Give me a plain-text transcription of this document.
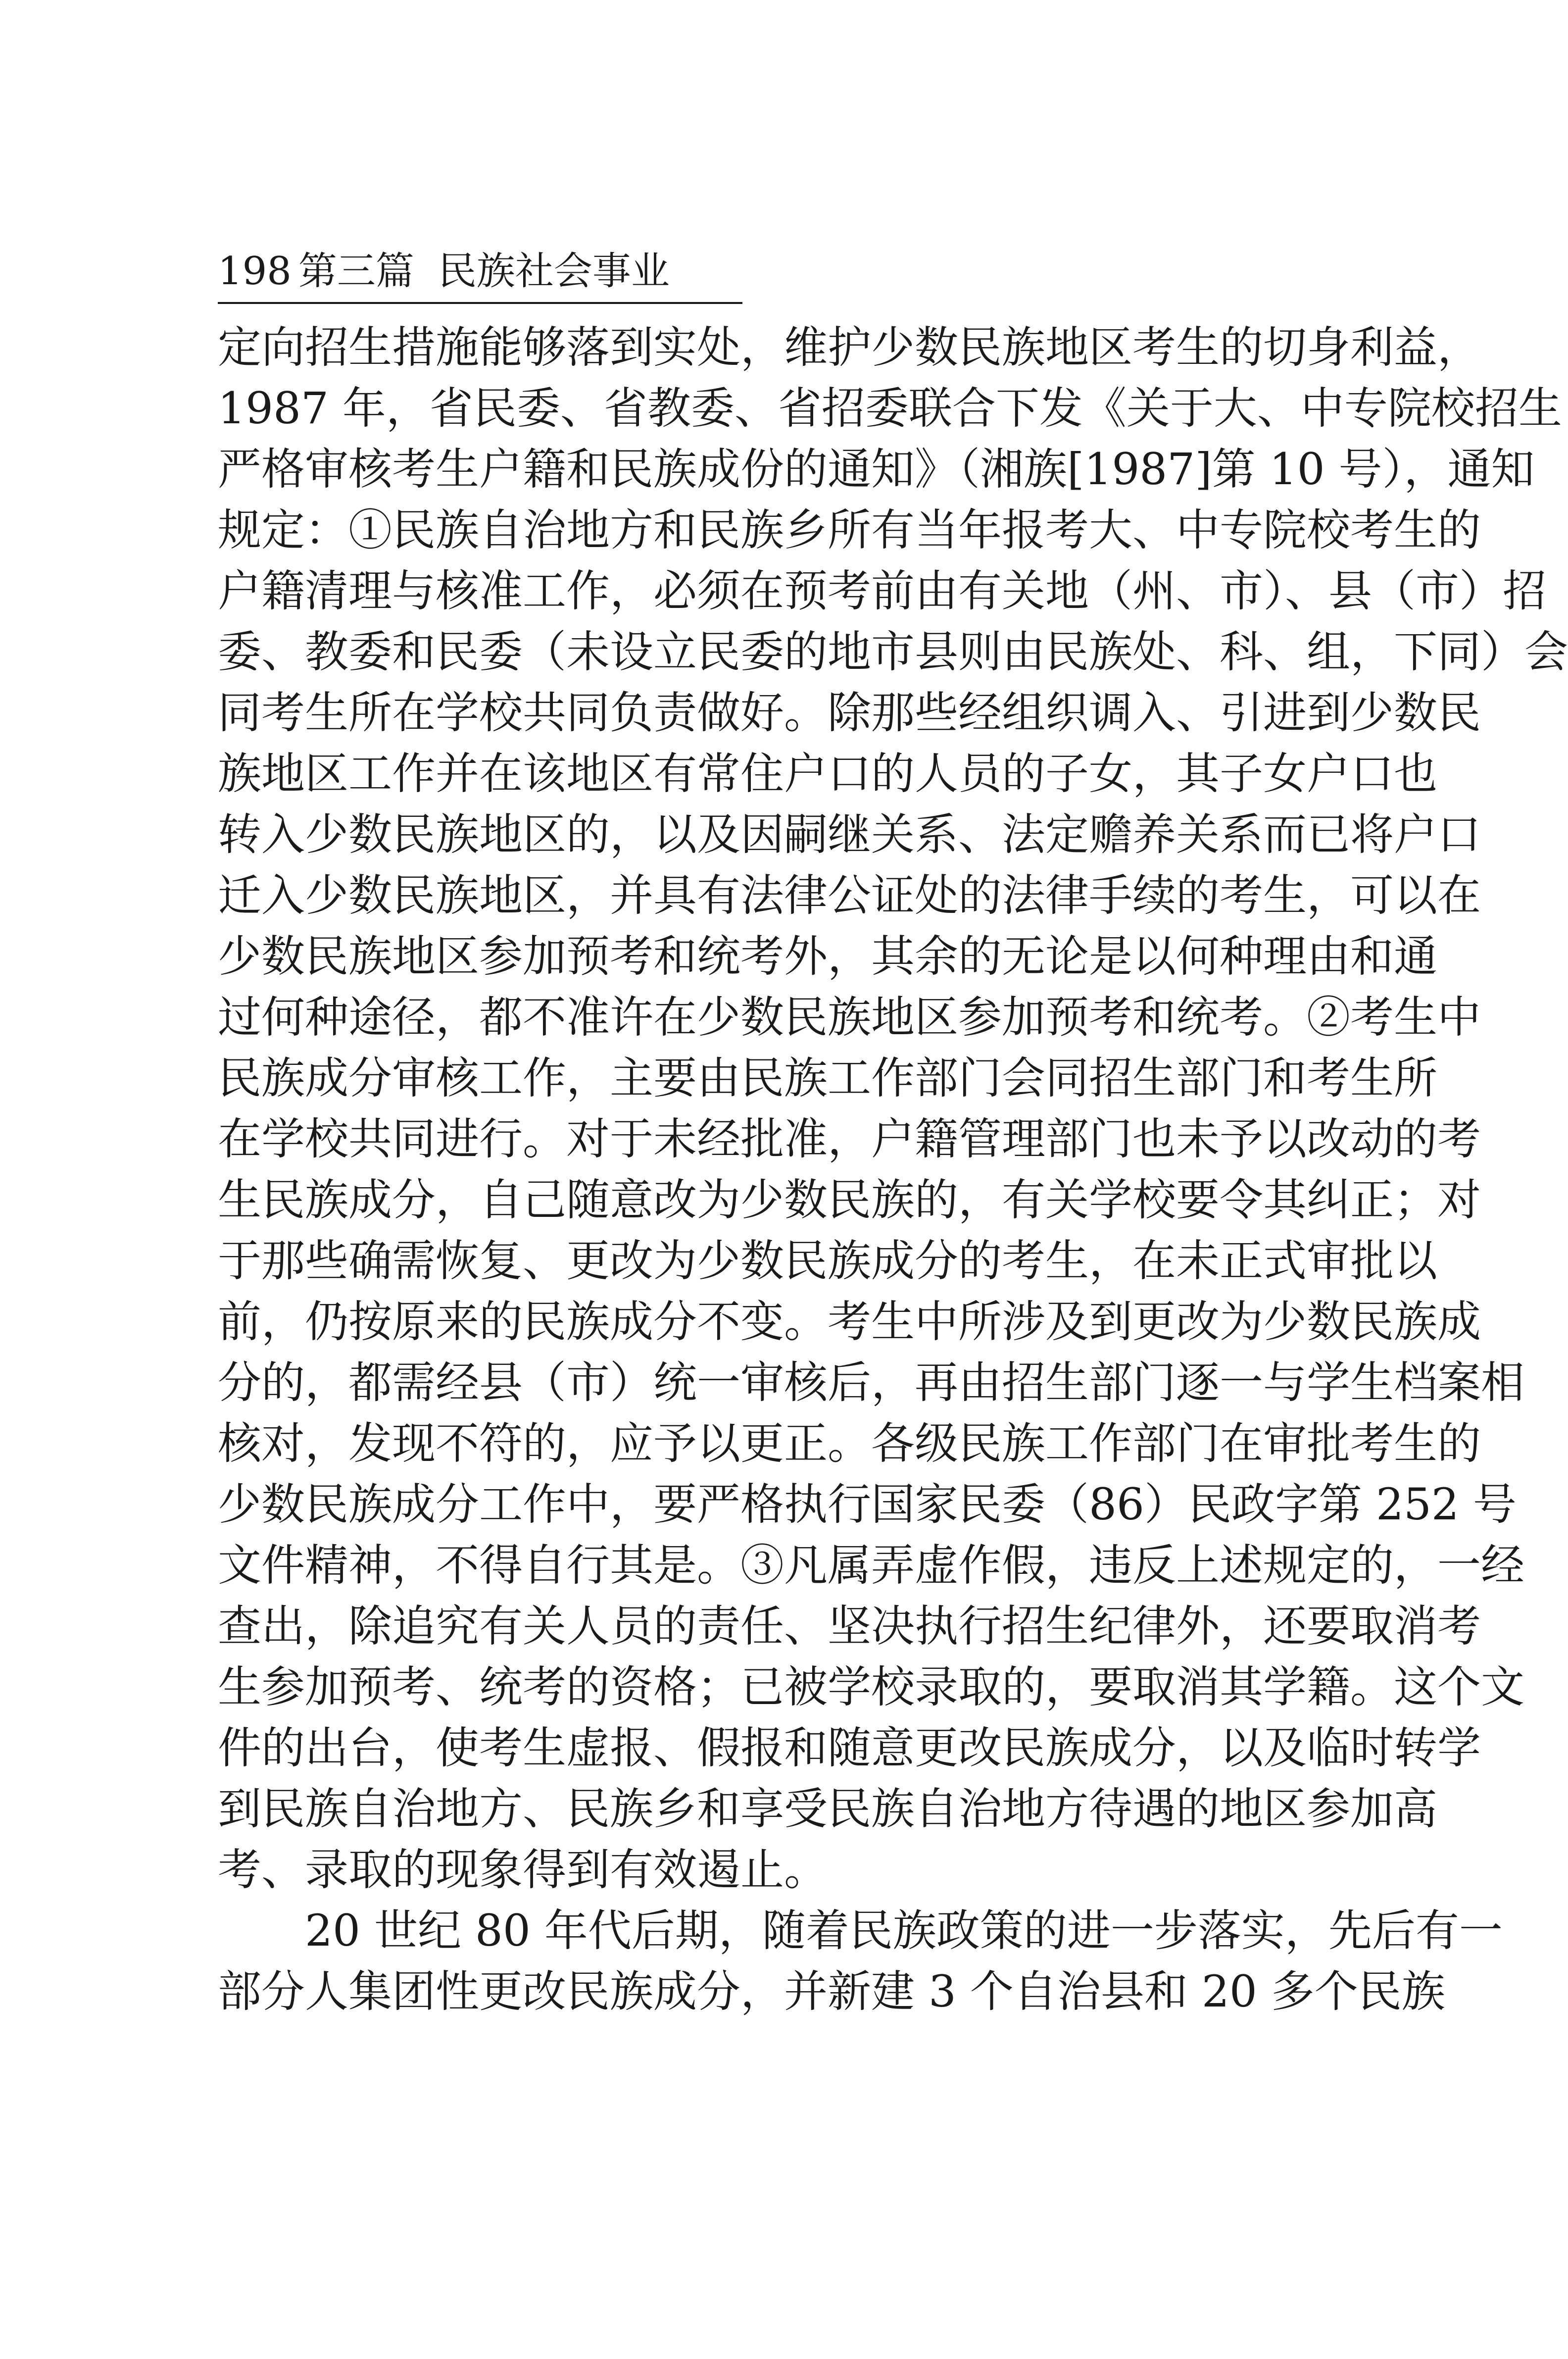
198 第三篇 民族社会事业
定向招生措施能够落到实处，维护少数民族地区考生的切身利益，
1987 年，省民委、省教委、省招委联合下发《关于大、中专院校招生
严格审核考生户籍和民族成份的通知》（湘族[1987]第 10 号），通知
规定：①民族自治地方和民族乡所有当年报考大、中专院校考生的
户籍清理与核准工作，必须在预考前由有关地（州、市）、县（市）招
委、教委和民委（未设立民委的地市县则由民族处、科、组，下同）会
同考生所在学校共同负责做好。除那些经组织调入、引进到少数民
族地区工作并在该地区有常住户口的人员的子女，其子女户口也
转入少数民族地区的，以及因嗣继关系、法定赡养关系而已将户口
迁入少数民族地区，并具有法律公证处的法律手续的考生，可以在
少数民族地区参加预考和统考外，其余的无论是以何种理由和通
过何种途径，都不准许在少数民族地区参加预考和统考。②考生中
民族成分审核工作，主要由民族工作部门会同招生部门和考生所
在学校共同进行。对于未经批准，户籍管理部门也未予以改动的考
生民族成分，自己随意改为少数民族的，有关学校要令其纠正；对
于那些确需恢复、更改为少数民族成分的考生，在未正式审批以
前，仍按原来的民族成分不变。考生中所涉及到更改为少数民族成
分的，都需经县（市）统一审核后，再由招生部门逐一与学生档案相
核对，发现不符的，应予以更正。各级民族工作部门在审批考生的
少数民族成分工作中，要严格执行国家民委（86）民政字第 252 号
文件精神，不得自行其是。③凡属弄虚作假，违反上述规定的，一经
查出，除追究有关人员的责任、坚决执行招生纪律外，还要取消考
生参加预考、统考的资格；已被学校录取的，要取消其学籍。这个文
件的出台，使考生虚报、假报和随意更改民族成分，以及临时转学
到民族自治地方、民族乡和享受民族自治地方待遇的地区参加高
考、录取的现象得到有效遏止。
20 世纪 80 年代后期，随着民族政策的进一步落实，先后有一
部分人集团性更改民族成分，并新建 3 个自治县和 20 多个民族
